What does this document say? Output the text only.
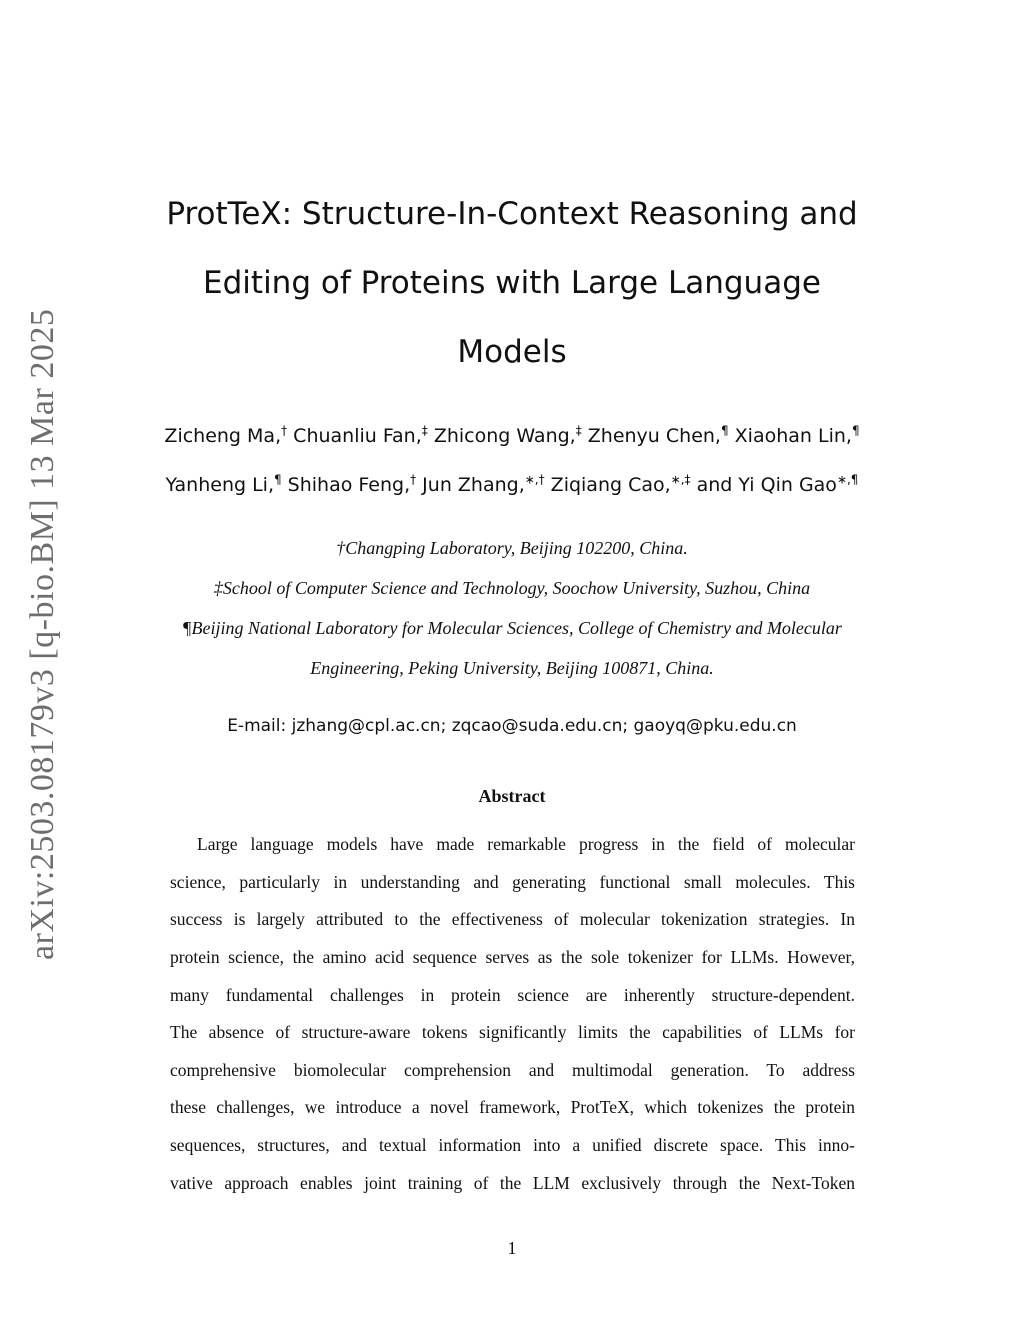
arXiv:2503.08179v3 [q-bio.BM] 13 Mar 2025
ProtTeX: Structure-In-Context Reasoning and
Editing of Proteins with Large Language
Models
Zicheng Ma,† Chuanliu Fan,‡ Zhicong Wang,‡ Zhenyu Chen,¶ Xiaohan Lin,¶
Yanheng Li,¶ Shihao Feng,† Jun Zhang,∗,† Ziqiang Cao,∗,‡ and Yi Qin Gao∗,¶
†Changping Laboratory, Beijing 102200, China.
‡School of Computer Science and Technology, Soochow University, Suzhou, China
¶Beijing National Laboratory for Molecular Sciences, College of Chemistry and Molecular
Engineering, Peking University, Beijing 100871, China.
E-mail: jzhang@cpl.ac.cn; zqcao@suda.edu.cn; gaoyq@pku.edu.cn
Abstract
Large language models have made remarkable progress in the field of molecular
science, particularly in understanding and generating functional small molecules. This
success is largely attributed to the effectiveness of molecular tokenization strategies. In
protein science, the amino acid sequence serves as the sole tokenizer for LLMs. However,
many fundamental challenges in protein science are inherently structure-dependent.
The absence of structure-aware tokens significantly limits the capabilities of LLMs for
comprehensive biomolecular comprehension and multimodal generation. To address
these challenges, we introduce a novel framework, ProtTeX, which tokenizes the protein
sequences, structures, and textual information into a unified discrete space. This inno-
vative approach enables joint training of the LLM exclusively through the Next-Token
1
